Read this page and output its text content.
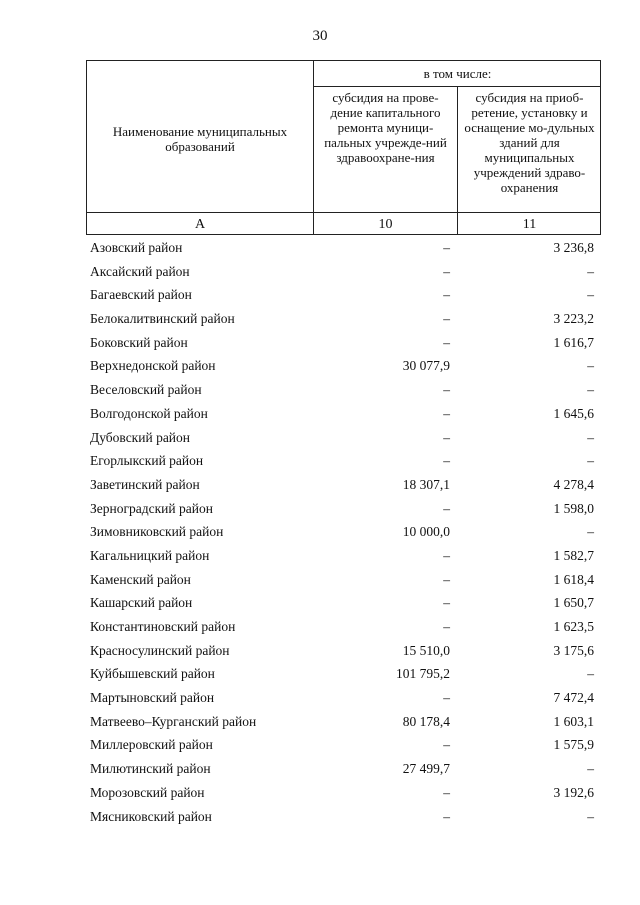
30
Наименование муниципальных образований
в том числе:
субсидия на прове-дение капитального ремонта муници-пальных учрежде-ний здравоохране-ния
субсидия на приоб-ретение, установку и оснащение мо-дульных зданий для муниципальных учреждений здраво-охранения
А	10	11
Азовский район	–	3 236,8
Аксайский район	–	–
Багаевский район	–	–
Белокалитвинский район	–	3 223,2
Боковский район	–	1 616,7
Верхнедонской район	30 077,9	–
Веселовский район	–	–
Волгодонской район	–	1 645,6
Дубовский район	–	–
Егорлыкский район	–	–
Заветинский район	18 307,1	4 278,4
Зерноградский район	–	1 598,0
Зимовниковский район	10 000,0	–
Кагальницкий район	–	1 582,7
Каменский район	–	1 618,4
Кашарский район	–	1 650,7
Константиновский район	–	1 623,5
Красносулинский район	15 510,0	3 175,6
Куйбышевский район	101 795,2	–
Мартыновский район	–	7 472,4
Матвеево–Курганский район	80 178,4	1 603,1
Миллеровский район	–	1 575,9
Милютинский район	27 499,7	–
Морозовский район	–	3 192,6
Мясниковский район	–	–
